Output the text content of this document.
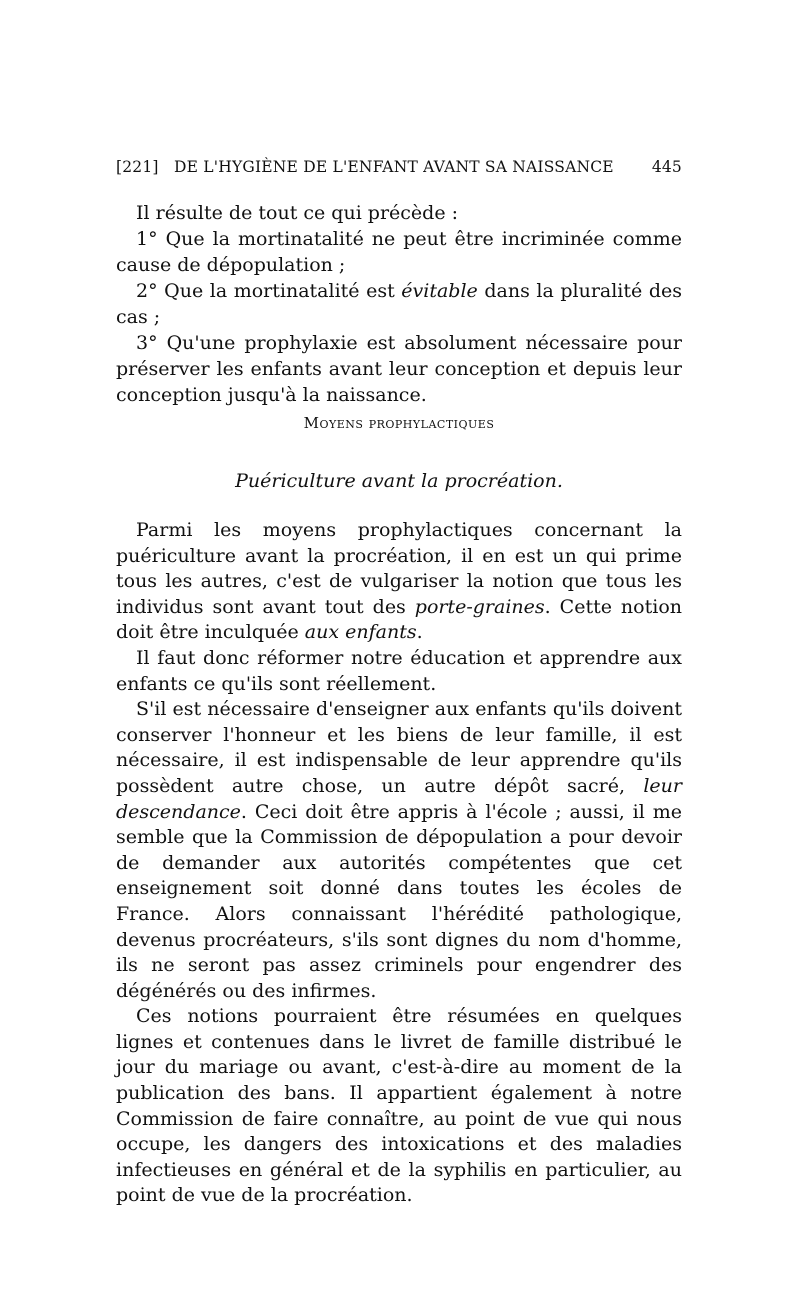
[221] DE L'HYGIÈNE DE L'ENFANT AVANT SA NAISSANCE 445

Il résulte de tout ce qui précède :

1° Que la mortinatalité ne peut être incriminée comme cause de dépopulation ;

2° Que la mortinatalité est évitable dans la pluralité des cas ;

3° Qu'une prophylaxie est absolument nécessaire pour préserver les enfants avant leur conception et depuis leur conception jusqu'à la naissance.

Moyens prophylactiques
Puériculture avant la procréation.

Parmi les moyens prophylactiques concernant la puériculture avant la procréation, il en est un qui prime tous les autres, c'est de vulgariser la notion que tous les individus sont avant tout des porte-graines. Cette notion doit être inculquée aux enfants.

Il faut donc réformer notre éducation et apprendre aux enfants ce qu'ils sont réellement.

S'il est nécessaire d'enseigner aux enfants qu'ils doivent conserver l'honneur et les biens de leur famille, il est nécessaire, il est indispensable de leur apprendre qu'ils possèdent autre chose, un autre dépôt sacré, leur descendance. Ceci doit être appris à l'école ; aussi, il me semble que la Commission de dépopulation a pour devoir de demander aux autorités compétentes que cet enseignement soit donné dans toutes les écoles de France. Alors connaissant l'hérédité pathologique, devenus procréateurs, s'ils sont dignes du nom d'homme, ils ne seront pas assez criminels pour engendrer des dégénérés ou des infirmes.

Ces notions pourraient être résumées en quelques lignes et contenues dans le livret de famille distribué le jour du mariage ou avant, c'est-à-dire au moment de la publication des bans. Il appartient également à notre Commission de faire connaître, au point de vue qui nous occupe, les dangers des intoxications et des maladies infectieuses en général et de la syphilis en particulier, au point de vue de la procréation.
